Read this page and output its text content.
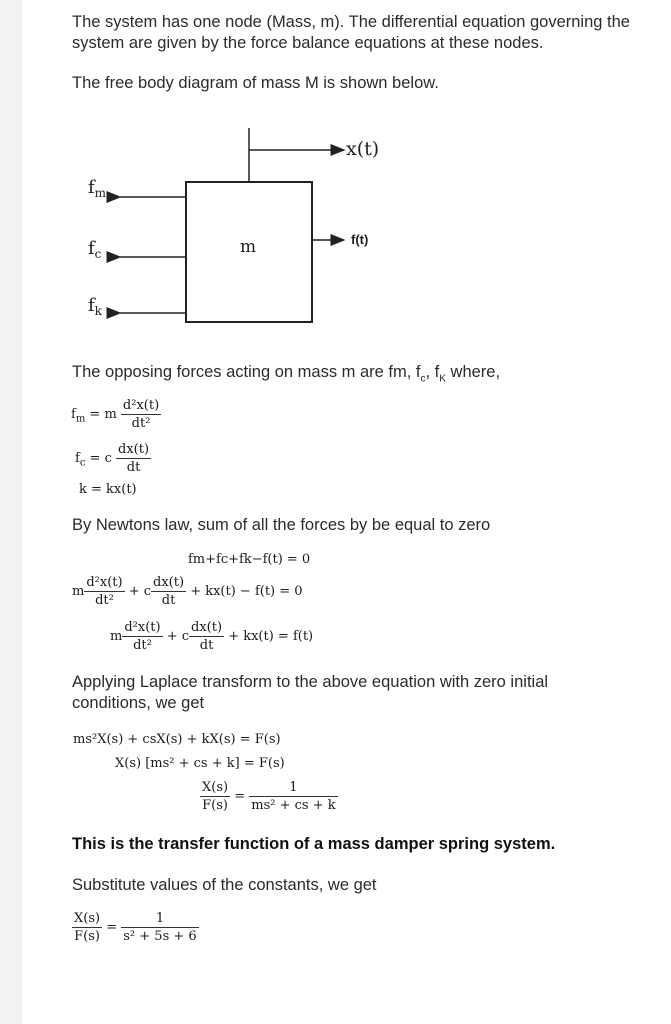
The system has one node (Mass, m). The differential equation governing the
system are given by the force balance equations at these nodes.
The free body diagram of mass M is shown below.
m
x(t)
f(t)
$f_m$
$f_c$
$f_k$
The opposing forces acting on mass m are fm, $f_c$, $f_K$ where,
$f_m = m \frac{\text{d²x(t)}}{\text{dt²}}$
$f_c = c \frac{dx(t)}{dt}$
k = kx(t)
By Newtons law, sum of all the forces by be equal to zero
fm+fc+fk−f(t) = 0
m $\frac{\text{d²x(t)}}{\text{dt²}} + c \frac{dx(t)}{dt} + kx(t) - f(t) = 0$
m $\frac{\text{d²x(t)}}{\text{dt²}} + c \frac{dx(t)}{dt} + kx(t) = f(t)$
Applying Laplace transform to the above equation with zero initial
conditions, we get
ms²X(s) + csX(s) + kX(s) = F(s)
X(s) [ms² + cs + k] = F(s)
$\frac{X(s)}{F(s)} = \frac{1}{\text{ms² + cs + k}}$
This is the transfer function of a mass damper spring system.
Substitute values of the constants, we get
$\frac{X(s)}{F(s)} = \frac{1}{\text{s² + 5s + 6}}$
